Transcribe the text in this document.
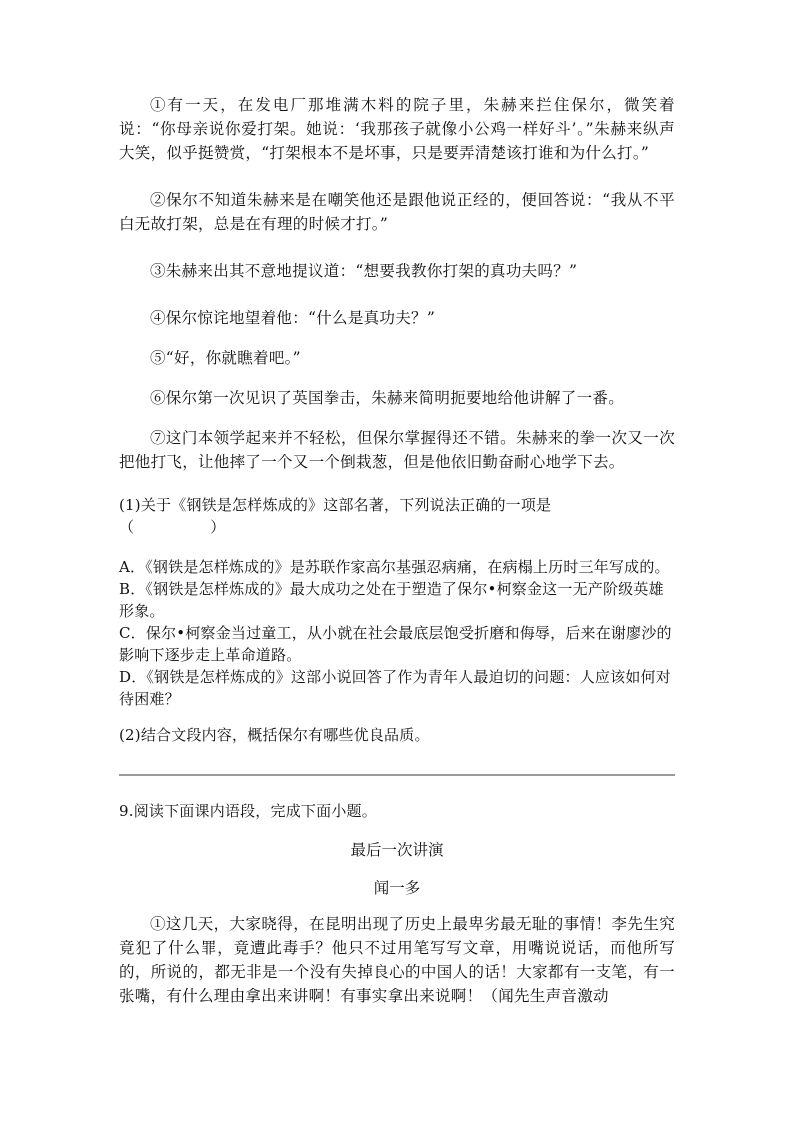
①有一天，在发电厂那堆满木料的院子里，朱赫来拦住保尔，微笑着说：“你母亲说你爱打架。她说：‘我那孩子就像小公鸡一样好斗’。”朱赫来纵声大笑，似乎挺赞赏，“打架根本不是坏事，只是要弄清楚该打谁和为什么打。”

②保尔不知道朱赫来是在嘲笑他还是跟他说正经的，便回答说：“我从不平白无故打架，总是在有理的时候才打。”

③朱赫来出其不意地提议道：“想要我教你打架的真功夫吗？”

④保尔惊诧地望着他：“什么是真功夫？”

⑤“好，你就瞧着吧。”

⑥保尔第一次见识了英国拳击，朱赫来简明扼要地给他讲解了一番。

⑦这门本领学起来并不轻松，但保尔掌握得还不错。朱赫来的拳一次又一次把他打飞，让他摔了一个又一个倒栽葱，但是他依旧勤奋耐心地学下去。

(1)关于《钢铁是怎样炼成的》这部名著，下列说法正确的一项是

（　　　　　）

A．《钢铁是怎样炼成的》是苏联作家高尔基强忍病痛，在病榻上历时三年写成的。

B．《钢铁是怎样炼成的》最大成功之处在于塑造了保尔•柯察金这一无产阶级英雄形象。

C．保尔•柯察金当过童工，从小就在社会最底层饱受折磨和侮辱，后来在谢廖沙的影响下逐步走上革命道路。

D．《钢铁是怎样炼成的》这部小说回答了作为青年人最迫切的问题：人应该如何对待困难？

(2)结合文段内容，概括保尔有哪些优良品质。

9.阅读下面课内语段，完成下面小题。

最后一次讲演

闻一多

①这几天，大家晓得，在昆明出现了历史上最卑劣最无耻的事情！李先生究竟犯了什么罪，竟遭此毒手？他只不过用笔写写文章，用嘴说说话，而他所写的，所说的，都无非是一个没有失掉良心的中国人的话！大家都有一支笔，有一张嘴，有什么理由拿出来讲啊！有事实拿出来说啊！（闻先生声音激动
